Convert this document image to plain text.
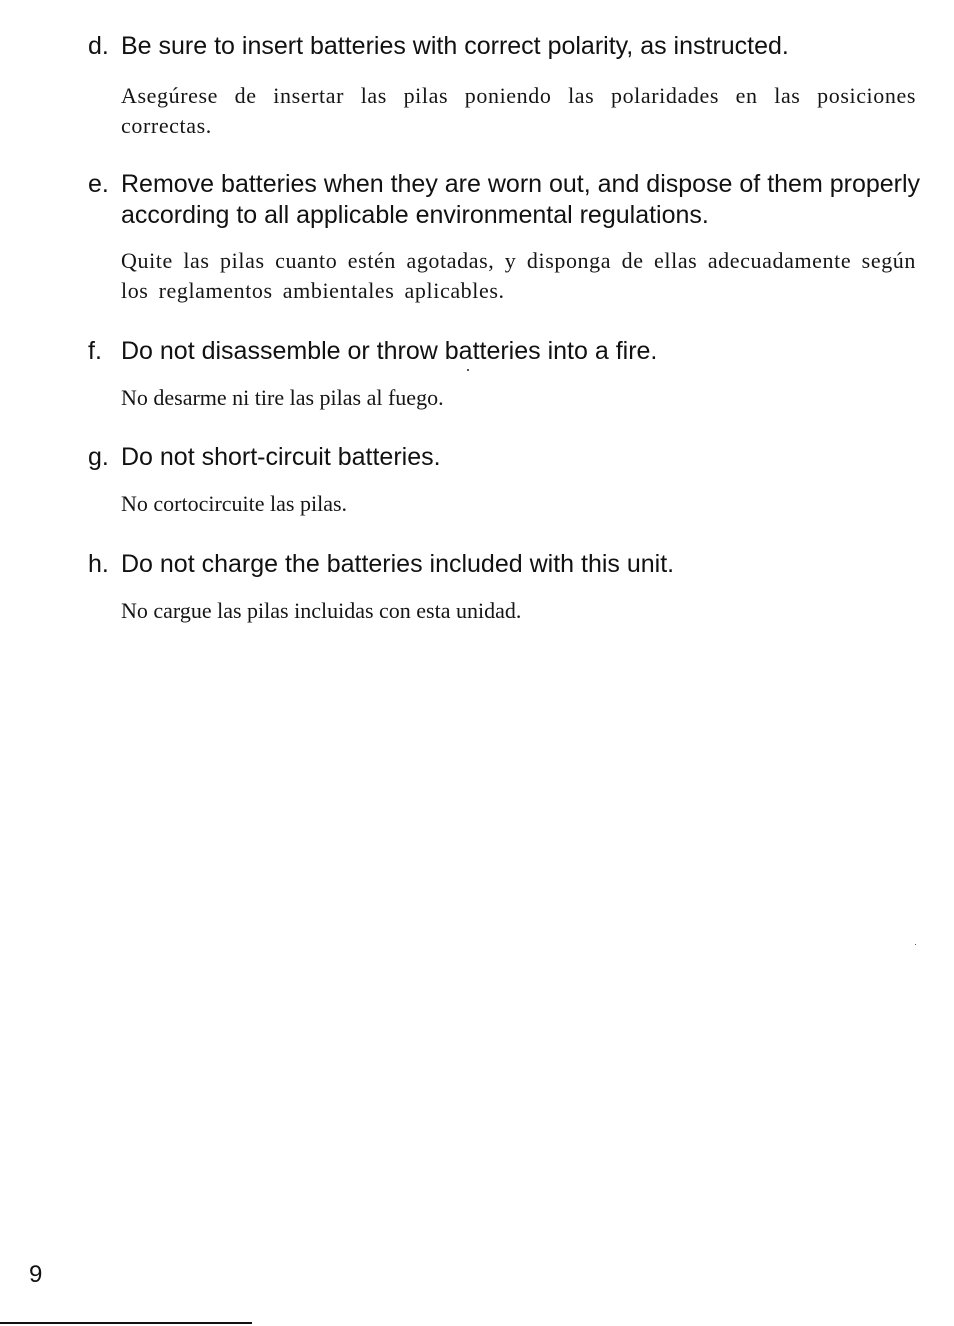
d. Be sure to insert batteries with correct polarity, as instructed.
Asegúrese de insertar las pilas poniendo las polaridades en las posiciones correctas.
e. Remove batteries when they are worn out, and dispose of them properly according to all applicable environmental regulations.
Quite las pilas cuanto estén agotadas, y disponga de ellas adecuadamente según los reglamentos ambientales aplicables.
f. Do not disassemble or throw batteries into a fire.
No desarme ni tire las pilas al fuego.
g. Do not short-circuit batteries.
No cortocircuite las pilas.
h. Do not charge the batteries included with this unit.
No cargue las pilas incluidas con esta unidad.
9
